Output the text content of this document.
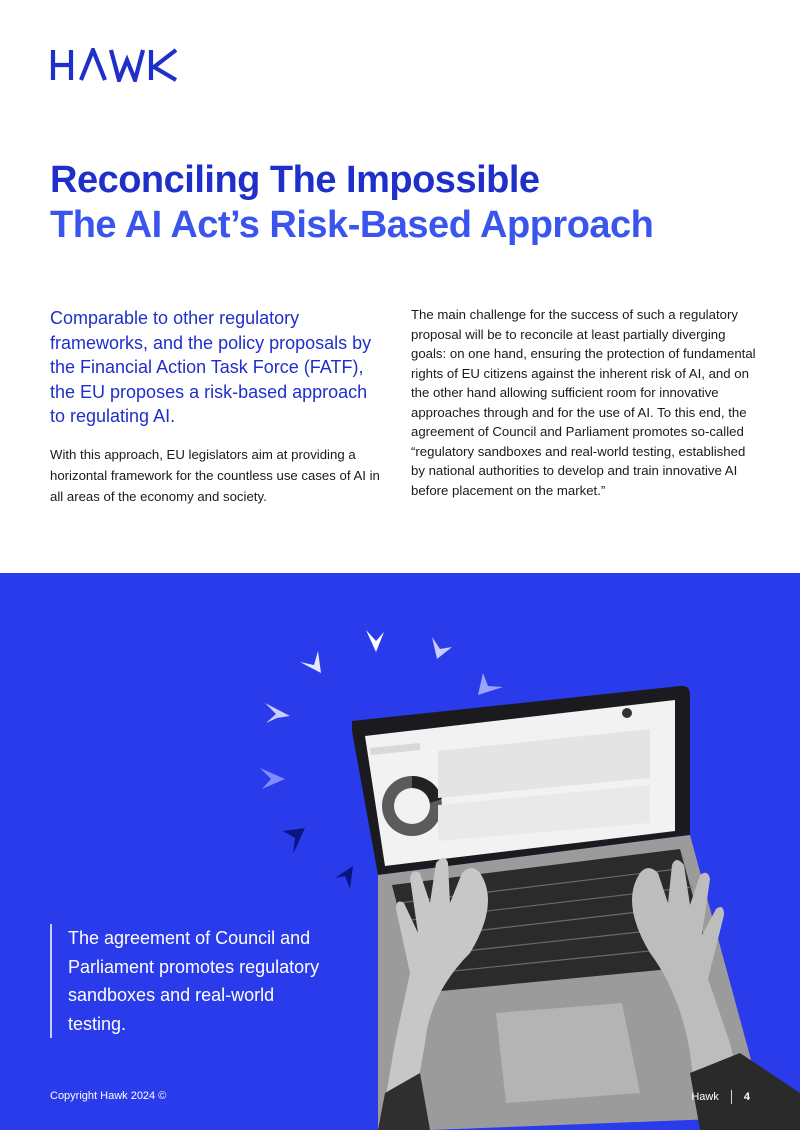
Reconciling The Impossible
The AI Act’s Risk-Based Approach

Comparable to other regulatory frameworks, and the policy proposals by the Financial Action Task Force (FATF), the EU proposes a risk-based approach to regulating AI.

With this approach, EU legislators aim at providing a horizontal framework for the countless use cases of AI in all areas of the economy and society.

The main challenge for the success of such a regulatory proposal will be to reconcile at least partially diverging goals: on one hand, ensuring the protection of fundamental rights of EU citizens against the inherent risk of AI, and on the other hand allowing sufficient room for innovative approaches through and for the use of AI. To this end, the agreement of Council and Parliament promotes so-called “regulatory sandboxes and real-world testing, established by national authorities to develop and train innovative AI before placement on the market.”

The agreement of Council and Parliament promotes regulatory sandboxes and real-world testing.

Copyright Hawk 2024 ©	Hawk 4
